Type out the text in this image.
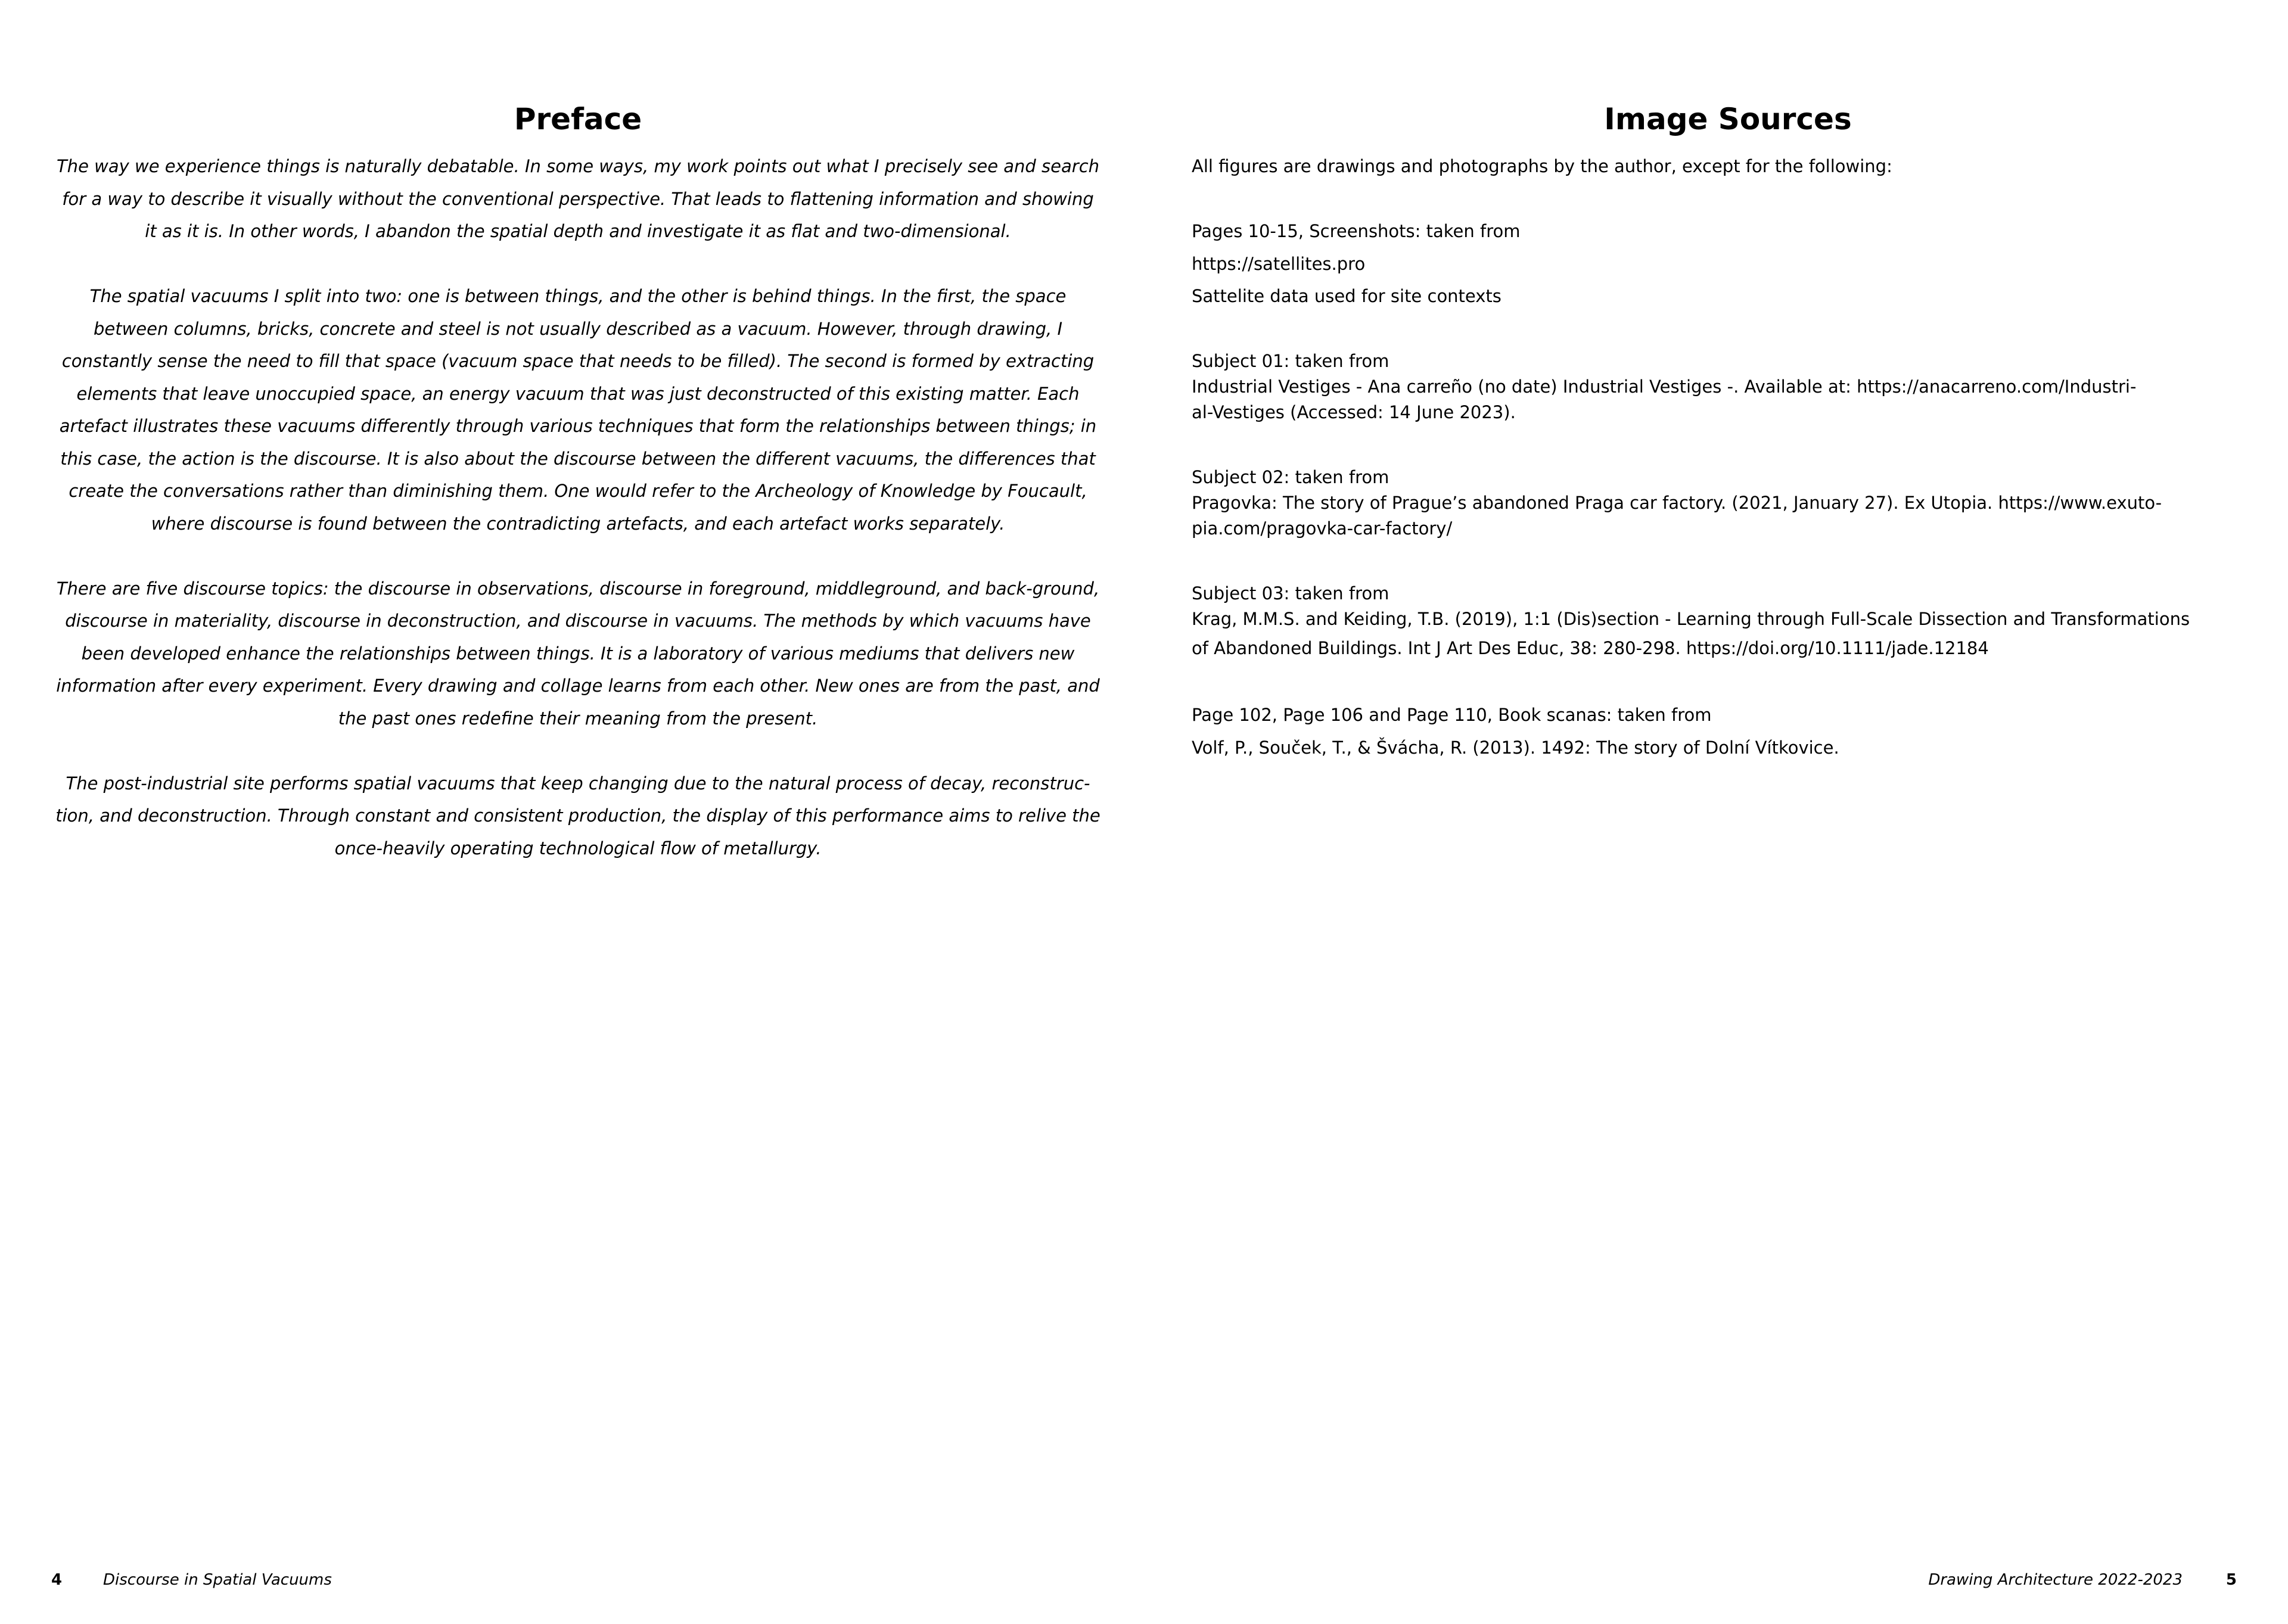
Preface

The way we experience things is naturally debatable. In some ways, my work points out what I precisely see and search for a way to describe it visually without the conventional perspective. That leads to flattening information and showing it as it is. In other words, I abandon the spatial depth and investigate it as flat and two-dimensional.

The spatial vacuums I split into two: one is between things, and the other is behind things. In the first, the space between columns, bricks, concrete and steel is not usually described as a vacuum. However, through drawing, I constantly sense the need to fill that space (vacuum space that needs to be filled). The second is formed by extracting elements that leave unoccupied space, an energy vacuum that was just deconstructed of this existing matter. Each artefact illustrates these vacuums differently through various techniques that form the relationships between things; in this case, the action is the discourse. It is also about the discourse between the different vacuums, the differences that create the conversations rather than diminishing them. One would refer to the Archeology of Knowledge by Foucault, where discourse is found between the contradicting artefacts, and each artefact works separately.

There are five discourse topics: the discourse in observations, discourse in foreground, middleground, and back-ground, discourse in materiality, discourse in deconstruction, and discourse in vacuums. The methods by which vacuums have been developed enhance the relationships between things. It is a laboratory of various mediums that delivers new information after every experiment. Every drawing and collage learns from each other. New ones are from the past, and the past ones redefine their meaning from the present.

The post-industrial site performs spatial vacuums that keep changing due to the natural process of decay, reconstruc-tion, and deconstruction. Through constant and consistent production, the display of this performance aims to relive the once-heavily operating technological flow of metallurgy.

4	Discourse in Spatial Vacuums
Image Sources
All figures are drawings and photographs by the author, except for the following:
Pages 10-15, Screenshots: taken from
https://satellites.pro
Sattelite data used for site contexts
Subject 01: taken from
Industrial Vestiges - Ana carreño (no date) Industrial Vestiges -. Available at: https://anacarreno.com/Industri-
al-Vestiges (Accessed: 14 June 2023).
Subject 02: taken from
Pragovka: The story of Prague’s abandoned Praga car factory. (2021, January 27). Ex Utopia. https://www.exuto-
pia.com/pragovka-car-factory/
Subject 03: taken from
Krag, M.M.S. and Keiding, T.B. (2019), 1:1 (Dis)section - Learning through Full-Scale Dissection and Transformations
of Abandoned Buildings. Int J Art Des Educ, 38: 280-298. https://doi.org/10.1111/jade.12184
Page 102, Page 106 and Page 110, Book scanas: taken from
Volf, P., Souček, T., & Švácha, R. (2013). 1492: The story of Dolní Vítkovice.
Drawing Architecture 2022-2023	5
